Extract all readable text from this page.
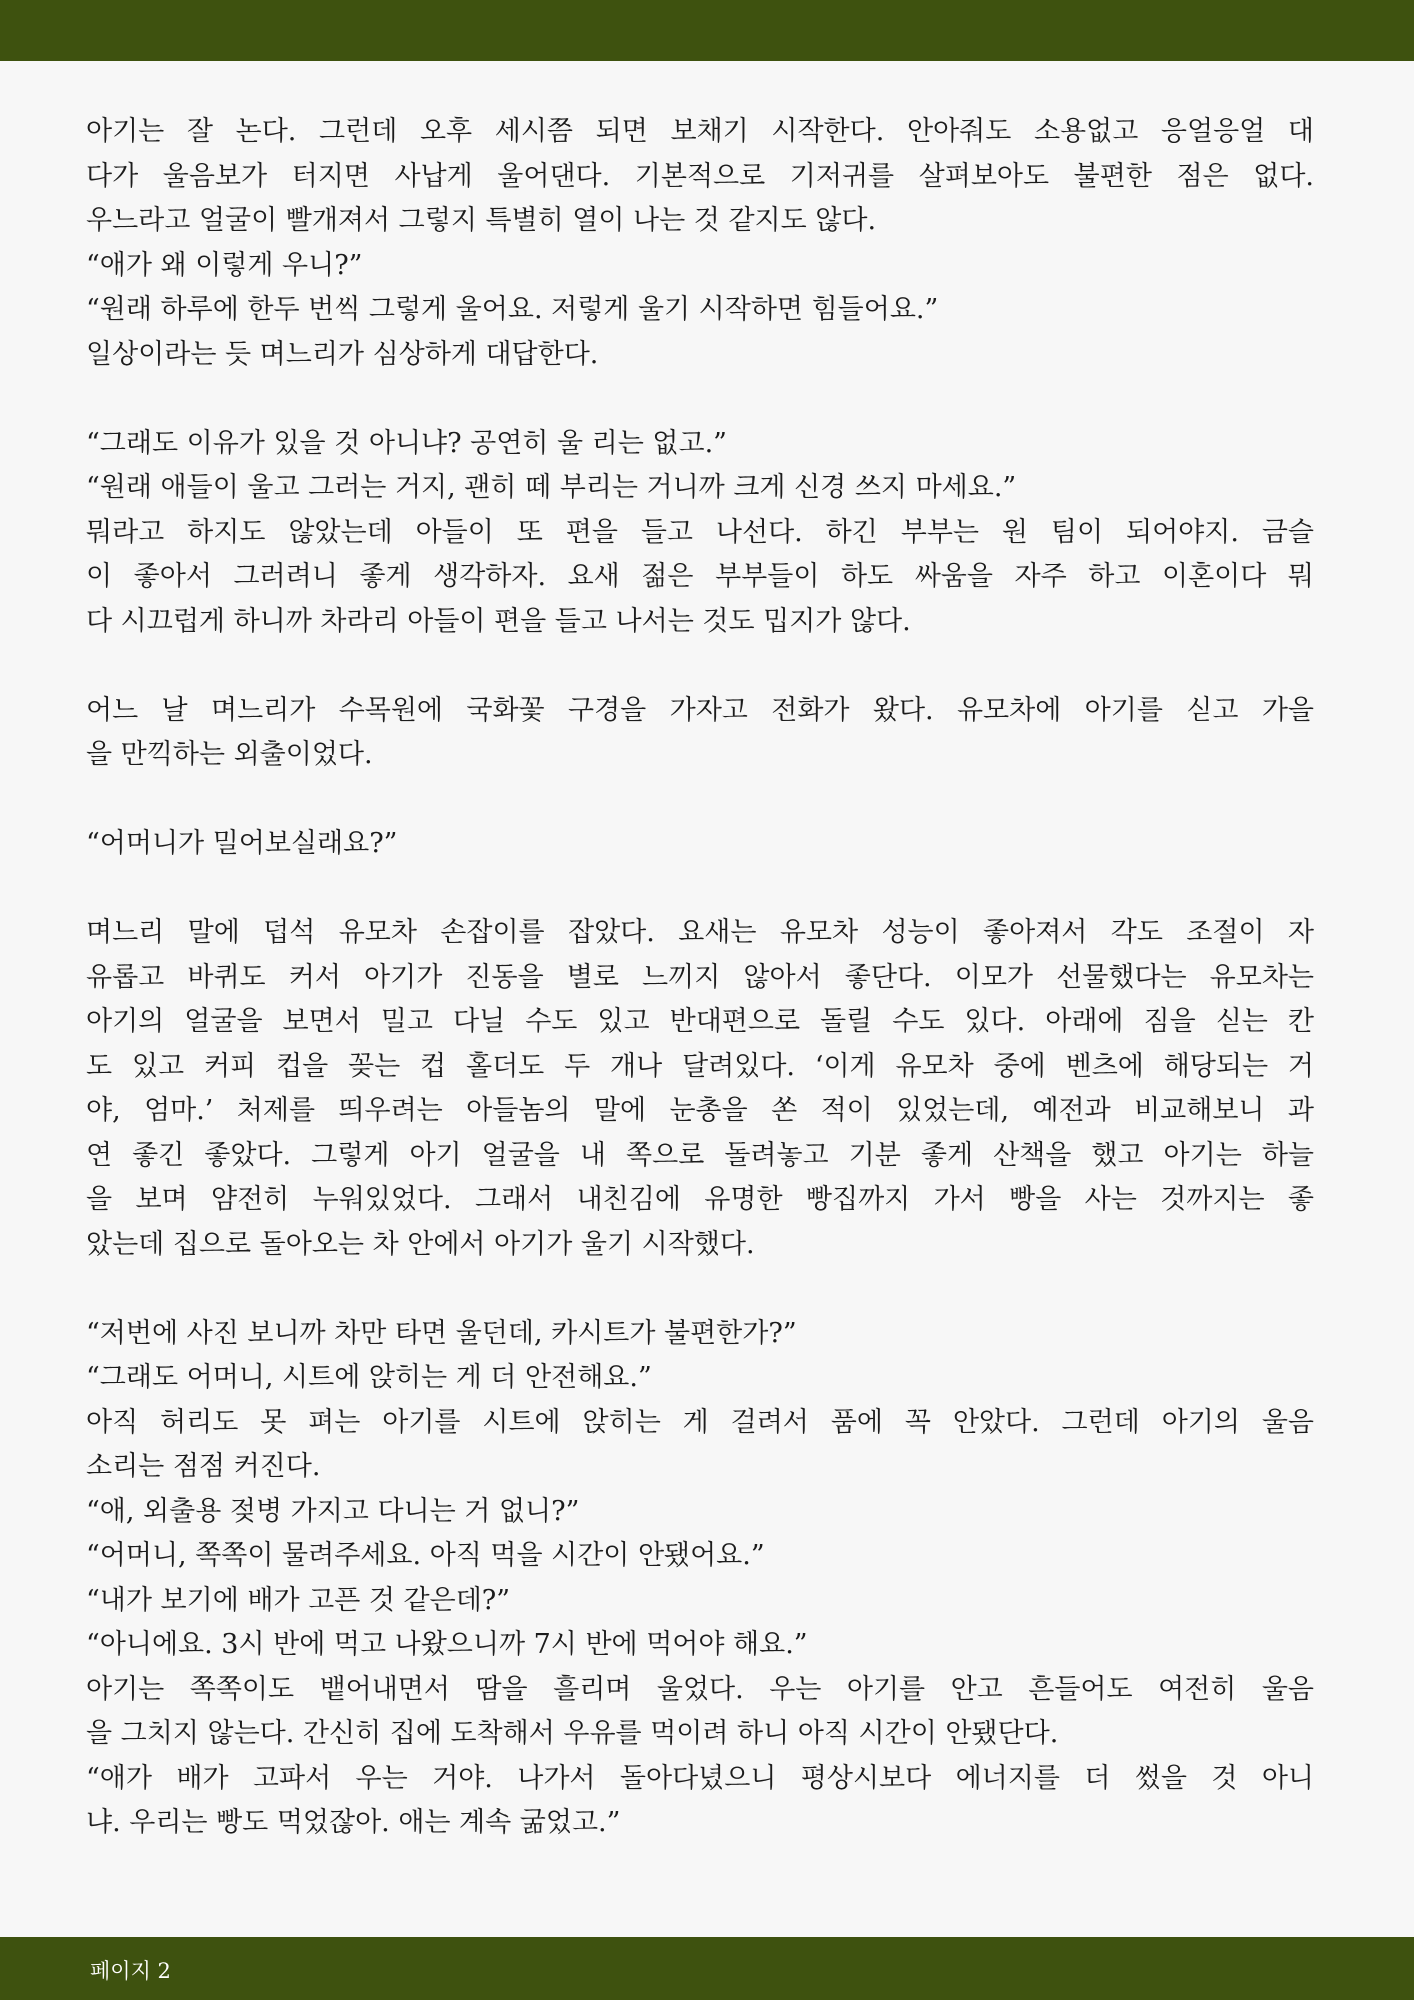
아기는 잘 논다. 그런데 오후 세시쯤 되면 보채기 시작한다. 안아줘도 소용없고 응얼응얼 대
다가 울음보가 터지면 사납게 울어댄다. 기본적으로 기저귀를 살펴보아도 불편한 점은 없다.
우느라고 얼굴이 빨개져서 그렇지 특별히 열이 나는 것 같지도 않다.
“애가 왜 이렇게 우니?”
“원래 하루에 한두 번씩 그렇게 울어요. 저렇게 울기 시작하면 힘들어요.”
일상이라는 듯 며느리가 심상하게 대답한다.
“그래도 이유가 있을 것 아니냐? 공연히 울 리는 없고.”
“원래 애들이 울고 그러는 거지, 괜히 떼 부리는 거니까 크게 신경 쓰지 마세요.”
뭐라고 하지도 않았는데 아들이 또 편을 들고 나선다. 하긴 부부는 원 팀이 되어야지. 금슬
이 좋아서 그러려니 좋게 생각하자. 요새 젊은 부부들이 하도 싸움을 자주 하고 이혼이다 뭐
다 시끄럽게 하니까 차라리 아들이 편을 들고 나서는 것도 밉지가 않다.
어느 날 며느리가 수목원에 국화꽃 구경을 가자고 전화가 왔다. 유모차에 아기를 싣고 가을
을 만끽하는 외출이었다.
“어머니가 밀어보실래요?”
며느리 말에 덥석 유모차 손잡이를 잡았다. 요새는 유모차 성능이 좋아져서 각도 조절이 자
유롭고 바퀴도 커서 아기가 진동을 별로 느끼지 않아서 좋단다. 이모가 선물했다는 유모차는
아기의 얼굴을 보면서 밀고 다닐 수도 있고 반대편으로 돌릴 수도 있다. 아래에 짐을 싣는 칸
도 있고 커피 컵을 꽂는 컵 홀더도 두 개나 달려있다. ‘이게 유모차 중에 벤츠에 해당되는 거
야, 엄마.’ 처제를 띄우려는 아들놈의 말에 눈총을 쏜 적이 있었는데, 예전과 비교해보니 과
연 좋긴 좋았다. 그렇게 아기 얼굴을 내 쪽으로 돌려놓고 기분 좋게 산책을 했고 아기는 하늘
을 보며 얌전히 누워있었다. 그래서 내친김에 유명한 빵집까지 가서 빵을 사는 것까지는 좋
았는데 집으로 돌아오는 차 안에서 아기가 울기 시작했다.
“저번에 사진 보니까 차만 타면 울던데, 카시트가 불편한가?”
“그래도 어머니, 시트에 앉히는 게 더 안전해요.”
아직 허리도 못 펴는 아기를 시트에 앉히는 게 걸려서 품에 꼭 안았다. 그런데 아기의 울음
소리는 점점 커진다.
“애, 외출용 젖병 가지고 다니는 거 없니?”
“어머니, 쪽쪽이 물려주세요. 아직 먹을 시간이 안됐어요.”
“내가 보기에 배가 고픈 것 같은데?”
“아니에요. 3시 반에 먹고 나왔으니까 7시 반에 먹어야 해요.”
아기는 쪽쪽이도 뱉어내면서 땀을 흘리며 울었다. 우는 아기를 안고 흔들어도 여전히 울음
을 그치지 않는다. 간신히 집에 도착해서 우유를 먹이려 하니 아직 시간이 안됐단다.
“애가 배가 고파서 우는 거야. 나가서 돌아다녔으니 평상시보다 에너지를 더 썼을 것 아니
냐. 우리는 빵도 먹었잖아. 애는 계속 굶었고.”
페이지 2
